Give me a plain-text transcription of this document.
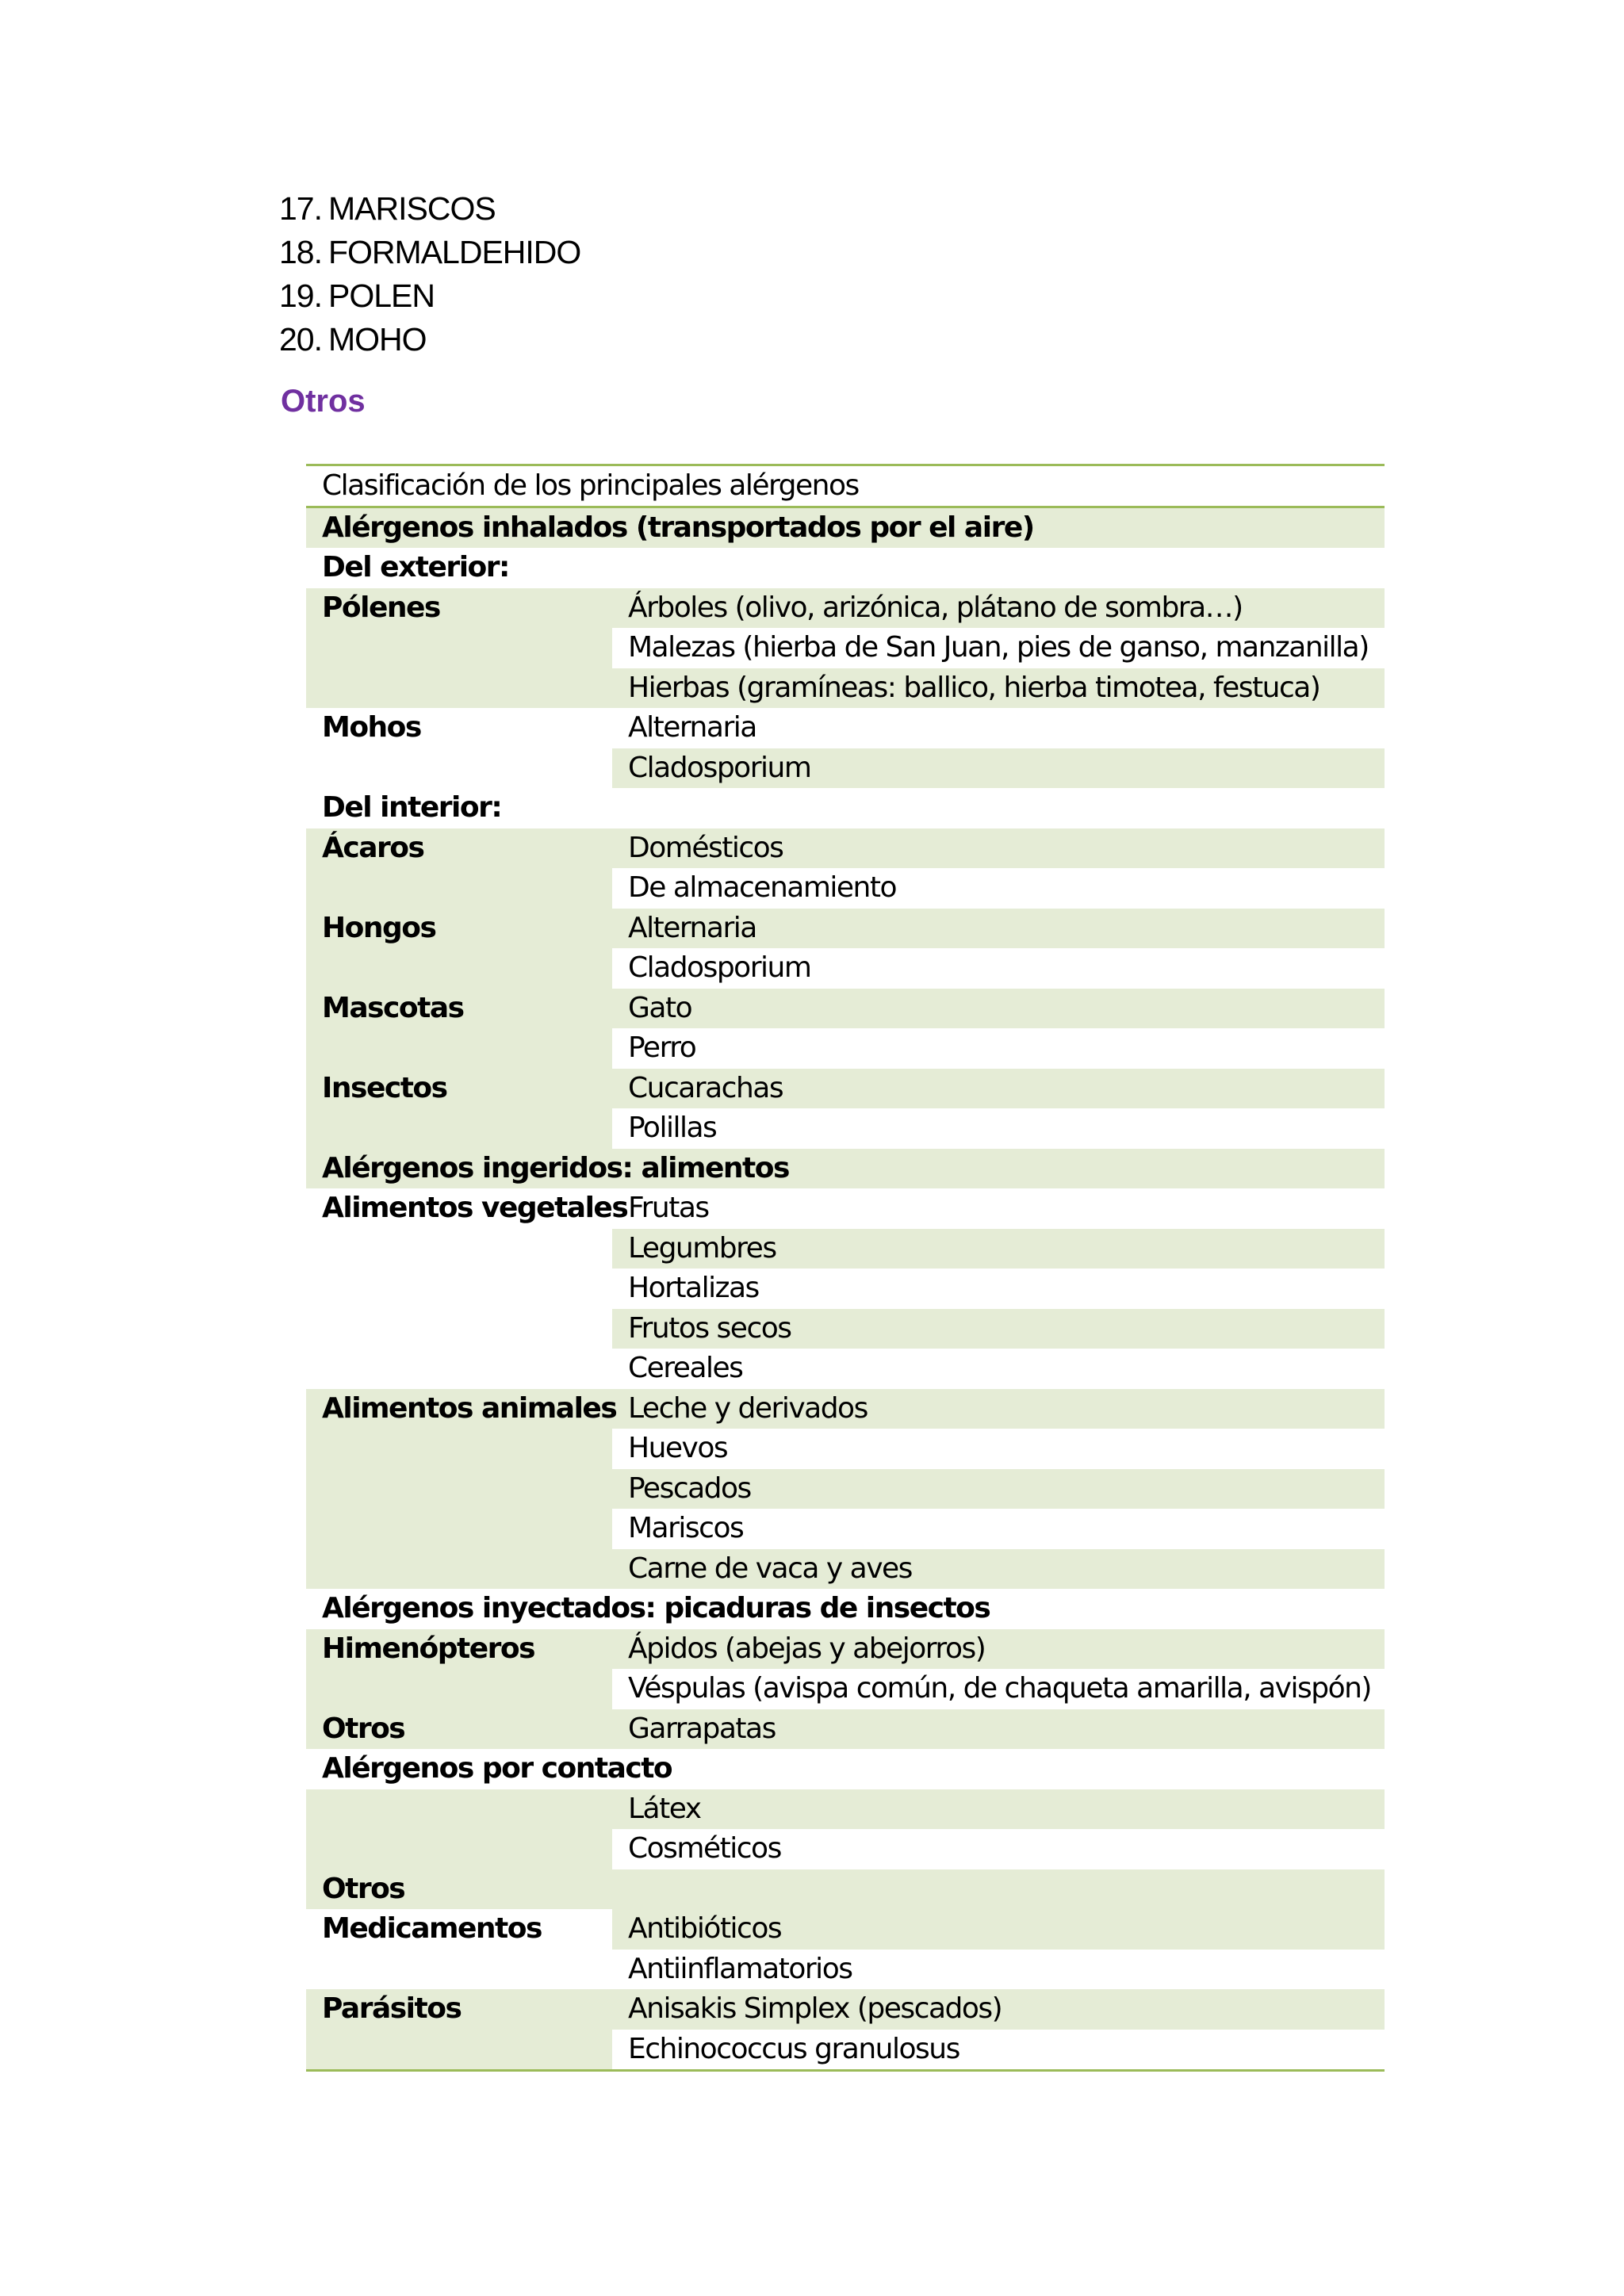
17. MARISCOS
18. FORMALDEHIDO
19. POLEN
20. MOHO
Otros
Clasificación de los principales alérgenos	
Alérgenos inhalados (transportados por el aire)	
Del exterior:	
Pólenes	Árboles (olivo, arizónica, plátano de sombra…)
	Malezas (hierba de San Juan, pies de ganso, manzanilla)
	Hierbas (gramíneas: ballico, hierba timotea, festuca)
Mohos	Alternaria
	Cladosporium
Del interior:	
Ácaros	Domésticos
	De almacenamiento
Hongos	Alternaria
	Cladosporium
Mascotas	Gato
	Perro
Insectos	Cucarachas
	Polillas
Alérgenos ingeridos: alimentos	
Alimentos vegetales	Frutas
	Legumbres
	Hortalizas
	Frutos secos
	Cereales
Alimentos animales	Leche y derivados
	Huevos
	Pescados
	Mariscos
	Carne de vaca y aves
Alérgenos inyectados: picaduras de insectos	
Himenópteros	Ápidos (abejas y abejorros)
	Véspulas (avispa común, de chaqueta amarilla, avispón)
Otros	Garrapatas
Alérgenos por contacto	
	Látex
	Cosméticos
Otros	
Medicamentos	Antibióticos
	Antiinflamatorios
Parásitos	Anisakis Simplex (pescados)
	Echinococcus granulosus
